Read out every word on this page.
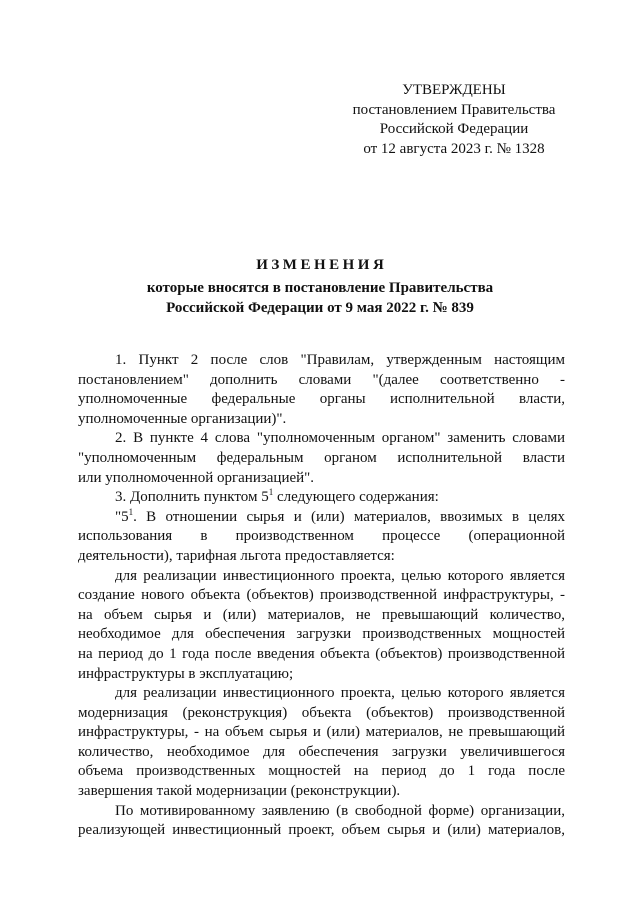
УТВЕРЖДЕНЫ
постановлением Правительства
Российской Федерации
от 12 августа 2023 г. № 1328
ИЗМЕНЕНИЯ
которые вносятся в постановление Правительства
Российской Федерации от 9 мая 2022 г. № 839
1. Пункт 2 после слов "Правилам, утвержденным настоящим
постановлением" дополнить словами "(далее соответственно -
уполномоченные федеральные органы исполнительной власти,
уполномоченные организации)".
2. В пункте 4 слова "уполномоченным органом" заменить словами
"уполномоченным федеральным органом исполнительной власти
или уполномоченной организацией".
3. Дополнить пунктом $5^1$ следующего содержания:
"$5^1$. В отношении сырья и (или) материалов, ввозимых в целях
использования в производственном процессе (операционной
деятельности), тарифная льгота предоставляется:
для реализации инвестиционного проекта, целью которого является
создание нового объекта (объектов) производственной инфраструктуры, -
на объем сырья и (или) материалов, не превышающий количество,
необходимое для обеспечения загрузки производственных мощностей
на период до 1 года после введения объекта (объектов) производственной
инфраструктуры в эксплуатацию;
для реализации инвестиционного проекта, целью которого является
модернизация (реконструкция) объекта (объектов) производственной
инфраструктуры, - на объем сырья и (или) материалов, не превышающий
количество, необходимое для обеспечения загрузки увеличившегося
объема производственных мощностей на период до 1 года после
завершения такой модернизации (реконструкции).
По мотивированному заявлению (в свободной форме) организации,
реализующей инвестиционный проект, объем сырья и (или) материалов,
